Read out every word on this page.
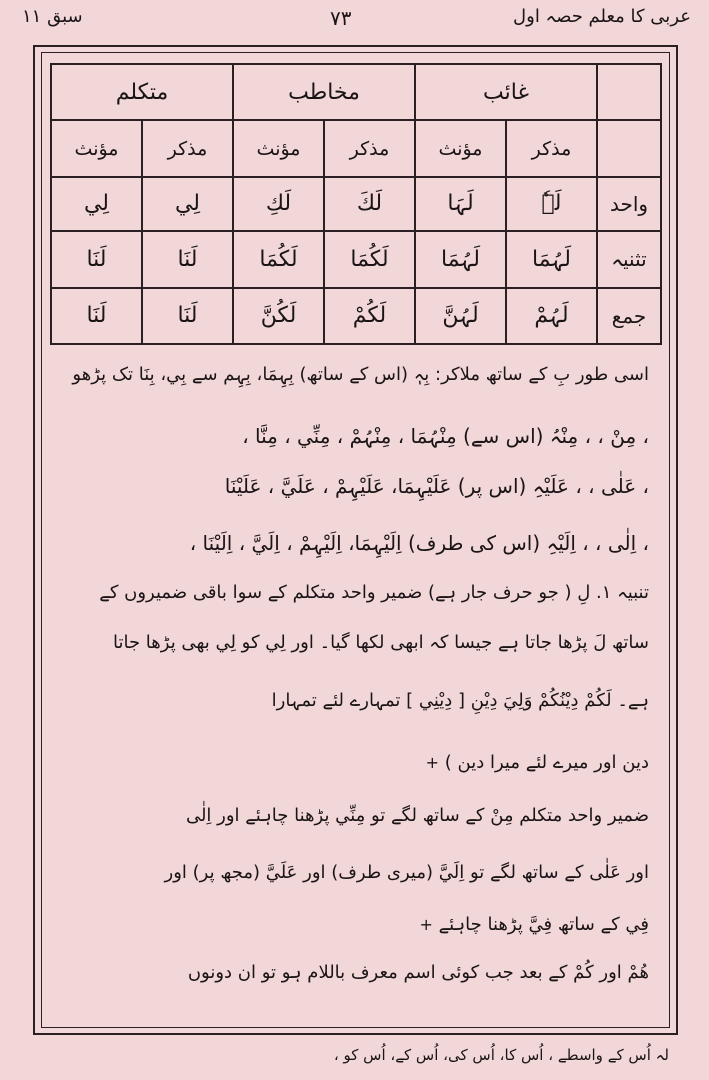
عربی کا معلم حصہ اول
۷۳
سبق ۱۱
	غائب		مخاطب		متکلم	
	مذکر	مؤنث	مذکر	مؤنث	مذکر	مؤنث
واحد	لَہٗ	لَہَا	لَكَ	لَكِ	لِي	لِي
تثنیہ	لَہُمَا	لَہُمَا	لَكُمَا	لَكُمَا	لَنَا	لَنَا
جمع	لَہُمْ	لَہُنَّ	لَكُمْ	لَكُنَّ	لَنَا	لَنَا
اسی طور بِ کے ساتھ ملاکر: بِہٖ (اس کے ساتھ) بِہِمَا، بِہِم سے بِي، بِنَا تک پڑھو
، مِنْ ، ، مِنْہُ (اس سے) مِنْہُمَا ، مِنْہُمْ ، مِنِّي ، مِنَّا ،
، عَلٰی ، ، عَلَیْہِ (اس پر) عَلَیْہِمَا، عَلَیْہِمْ ، عَلَيَّ ، عَلَیْنَا
، اِلٰی ، ، اِلَیْہِ (اس کی طرف) اِلَیْہِمَا، اِلَیْہِمْ ، اِلَيَّ ، اِلَیْنَا ،
تنبیہ ۱. لِ ( جو حرف جار ہے) ضمیر واحد متکلم کے سوا باقی ضمیروں کے
ساتھ لَ پڑھا جاتا ہے جیسا کہ ابھی لکھا گیا۔ اور لِي کو لِي بھی پڑھا جاتا
ہے۔ لَكُمْ دِيْنُكُمْ وَلِيَ دِيْنِ [ دِیْنِي ] تمہارے لئے تمہارا
دین اور میرے لئے میرا دین ) +
ضمیر واحد متکلم مِنْ کے ساتھ لگے تو مِنِّي پڑھنا چاہئے اور اِلٰی
اور عَلٰی کے ساتھ لگے تو اِلَيَّ (میری طرف) اور عَلَيَّ (مجھ پر) اور
فِي کے ساتھ فِيَّ پڑھنا چاہئے +
ھُمْ اور كُمْ کے بعد جب کوئی اسم معرف باللام ہو تو ان دونوں
لہ اُس کے واسطے ، اُس کا، اُس کی، اُس کے، اُس کو ،
